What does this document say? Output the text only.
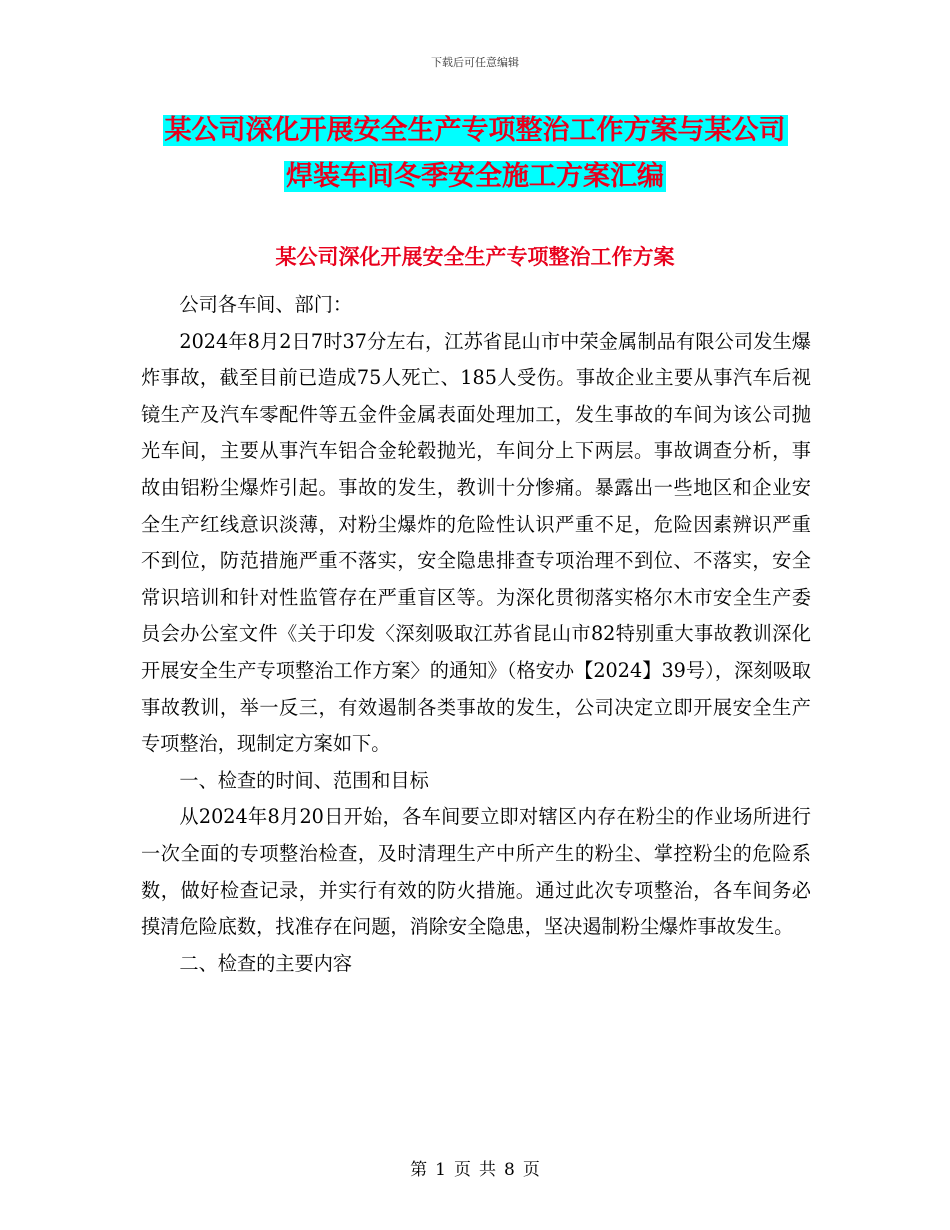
下载后可任意编辑
某公司深化开展安全生产专项整治工作方案与某公司
焊装车间冬季安全施工方案汇编
某公司深化开展安全生产专项整治工作方案

公司各车间、部门：

2024年8月2日7时37分左右，江苏省昆山市中荣金属制品有限公司发生爆炸事故，截至目前已造成75人死亡、185人受伤。事故企业主要从事汽车后视镜生产及汽车零配件等五金件金属表面处理加工，发生事故的车间为该公司抛光车间，主要从事汽车铝合金轮毂抛光，车间分上下两层。事故调查分析，事故由铝粉尘爆炸引起。事故的发生，教训十分惨痛。暴露出一些地区和企业安全生产红线意识淡薄，对粉尘爆炸的危险性认识严重不足，危险因素辨识严重不到位，防范措施严重不落实，安全隐患排查专项治理不到位、不落实，安全常识培训和针对性监管存在严重盲区等。为深化贯彻落实格尔木市安全生产委员会办公室文件《关于印发〈深刻吸取江苏省昆山市82特别重大事故教训深化开展安全生产专项整治工作方案〉的通知》（格安办【2024】39号），深刻吸取事故教训，举一反三，有效遏制各类事故的发生，公司决定立即开展安全生产专项整治，现制定方案如下。

一、检查的时间、范围和目标

从2024年8月20日开始，各车间要立即对辖区内存在粉尘的作业场所进行一次全面的专项整治检查，及时清理生产中所产生的粉尘、掌控粉尘的危险系数，做好检查记录，并实行有效的防火措施。通过此次专项整治，各车间务必摸清危险底数，找准存在问题，消除安全隐患，坚决遏制粉尘爆炸事故发生。

二、检查的主要内容

第 1 页 共 8 页
